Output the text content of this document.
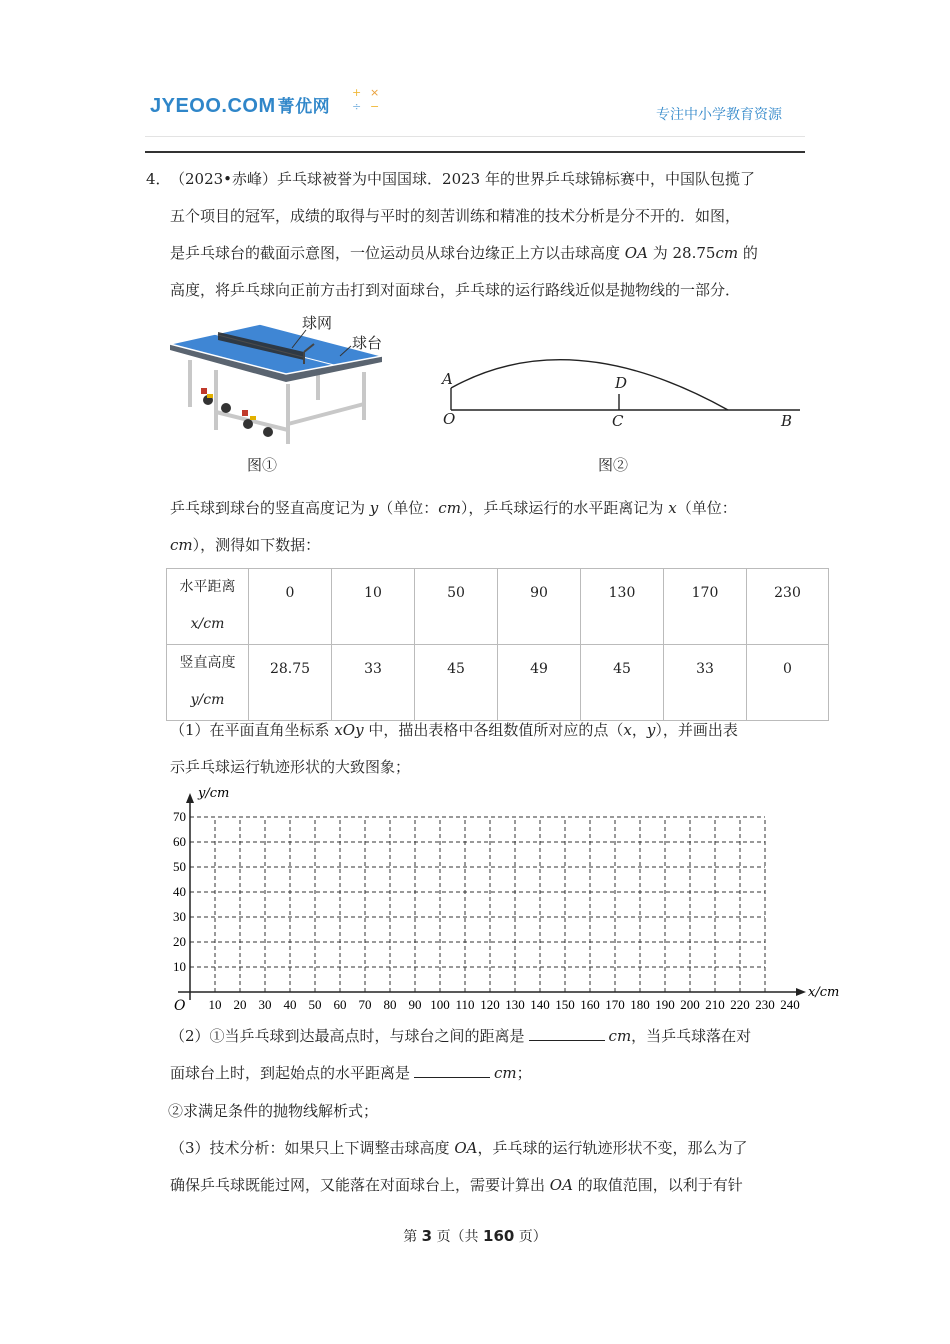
JYEOO.COM 菁优网
+ ×
÷ −
专注中小学教育资源
4． （2023•赤峰）乒乓球被誉为中国国球．2023 年的世界乒乓球锦标赛中，中国队包揽了
五个项目的冠军，成绩的取得与平时的刻苦训练和精准的技术分析是分不开的．如图，
是乒乓球台的截面示意图，一位运动员从球台边缘正上方以击球高度 OA 为 28.75cm 的
高度，将乒乓球向正前方击打到对面球台，乒乓球的运行路线近似是抛物线的一部分．
球网
球台
图①
A
O
D
C	B
图②
乒乓球到球台的竖直高度记为 y（单位：cm），乒乓球运行的水平距离记为 x（单位：
cm），测得如下数据：
水平距离
x/cm	0	10	50	90	130	170	230

竖直高度
y/cm	28.75	33	45	49	45	33	0
（1）在平面直角坐标系 xOy 中，描出表格中各组数值所对应的点（x，y），并画出表
示乒乓球运行轨迹形状的大致图象；
10 20 30 40 50 60 70 80 90 100 110 120 130 140 150 160 170 180 190 200 210 220 230 240
10
20
30
40
50
60
70
x/cm
y/cm
O
（2）①当乒乓球到达最高点时，与球台之间的距离是	cm，当乒乓球落在对
面球台上时，到起始点的水平距离是	cm；
②求满足条件的抛物线解析式；
（3）技术分析：如果只上下调整击球高度 OA，乒乓球的运行轨迹形状不变，那么为了
确保乒乓球既能过网，又能落在对面球台上，需要计算出 OA 的取值范围，以利于有针
第 3 页（共 160 页）
